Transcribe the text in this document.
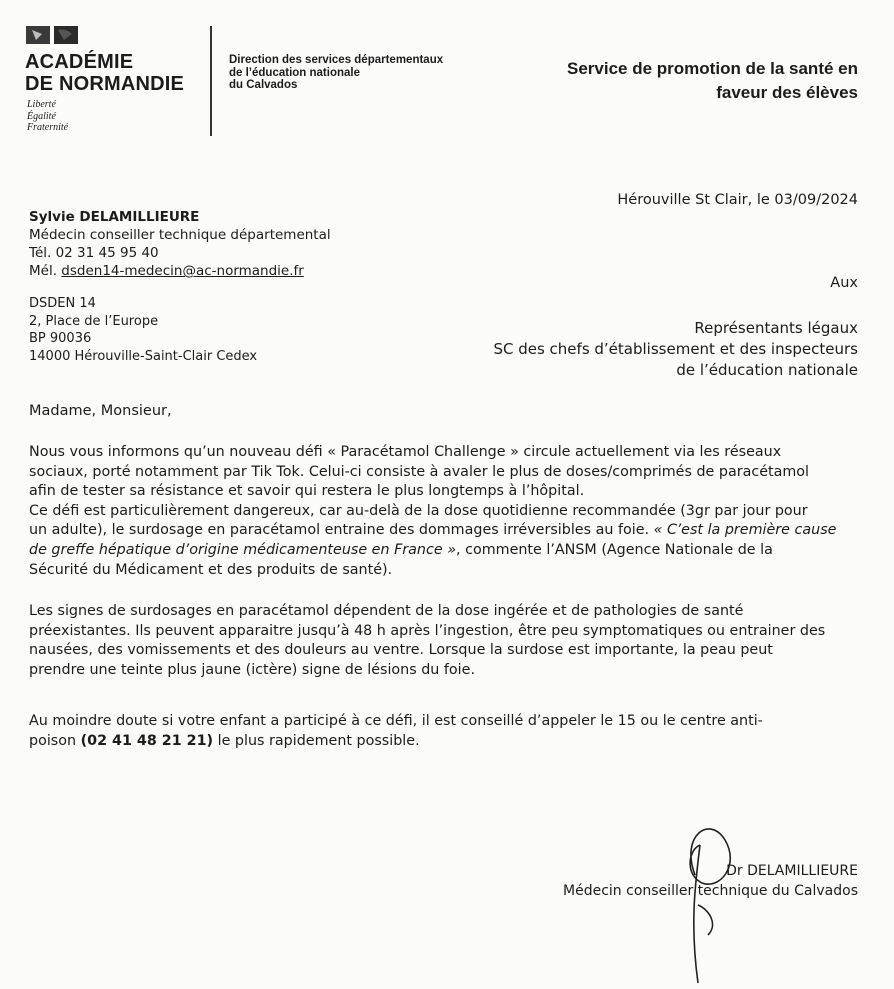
ACADÉMIE
DE NORMANDIE
Liberté
Égalité
Fraternité
Direction des services départementaux
de l’éducation nationale
du Calvados
Service de promotion de la santé en
faveur des élèves
Hérouville St Clair, le 03/09/2024
Sylvie DELAMILLIEURE
Médecin conseiller technique départemental
Tél. 02 31 45 95 40
Mél. dsden14-medecin@ac-normandie.fr
DSDEN 14
2, Place de l’Europe
BP 90036
14000 Hérouville-Saint-Clair Cedex
Aux
Représentants légaux
SC des chefs d’établissement et des inspecteurs
de l’éducation nationale
Madame, Monsieur,
Nous vous informons qu’un nouveau défi « Paracétamol Challenge » circule actuellement via les réseaux
sociaux, porté notamment par Tik Tok. Celui-ci consiste à avaler le plus de doses/comprimés de paracétamol
afin de tester sa résistance et savoir qui restera le plus longtemps à l’hôpital.
Ce défi est particulièrement dangereux, car au-delà de la dose quotidienne recommandée (3gr par jour pour
un adulte), le surdosage en paracétamol entraine des dommages irréversibles au foie. « C’est la première cause
de greffe hépatique d’origine médicamenteuse en France », commente l’ANSM (Agence Nationale de la
Sécurité du Médicament et des produits de santé).
Les signes de surdosages en paracétamol dépendent de la dose ingérée et de pathologies de santé
préexistantes. Ils peuvent apparaitre jusqu’à 48 h après l’ingestion, être peu symptomatiques ou entrainer des
nausées, des vomissements et des douleurs au ventre. Lorsque la surdose est importante, la peau peut
prendre une teinte plus jaune (ictère) signe de lésions du foie.
Au moindre doute si votre enfant a participé à ce défi, il est conseillé d’appeler le 15 ou le centre anti-
poison (02 41 48 21 21) le plus rapidement possible.
Dr DELAMILLIEURE
Médecin conseiller technique du Calvados
